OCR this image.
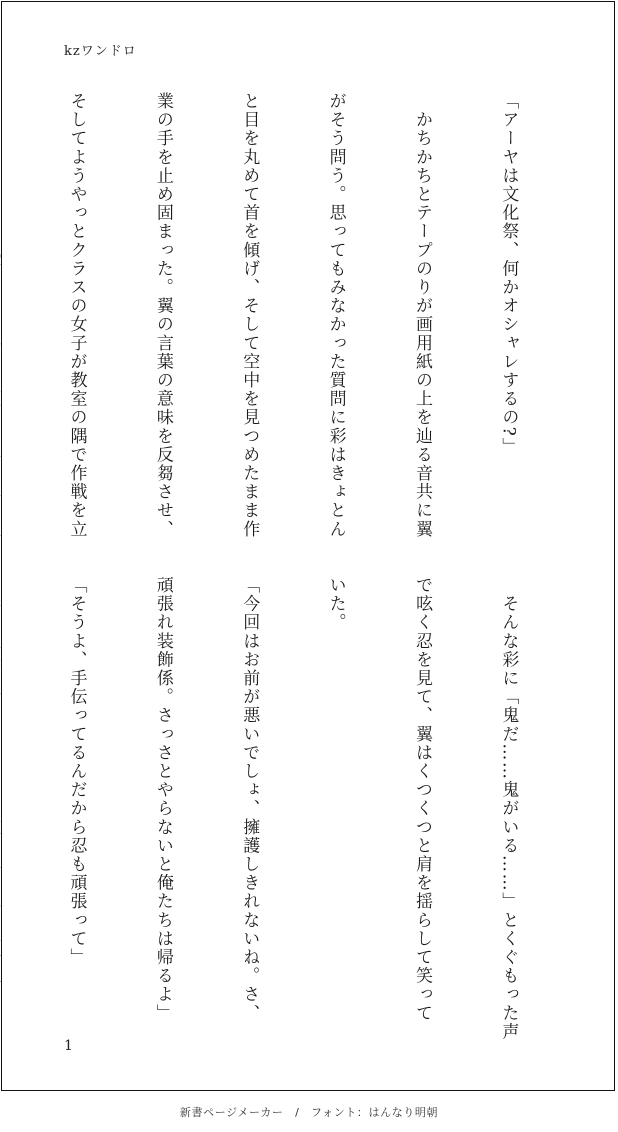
kzワンドロ

「アーヤは文化祭、何かオシャレするの?」

　かちかちとテープのりが画用紙の上を辿る音共に翼

がそう問う。思ってもみなかった質問に彩はきょとん

と目を丸めて首を傾げ、そして空中を見つめたまま作

業の手を止め固まった。翼の言葉の意味を反芻させ、

そしてようやっとクラスの女子が教室の隅で作戦を立

　そんな彩に「鬼だ……鬼がいる……」とくぐもった声

で呟く忍を見て、翼はくつくつと肩を揺らして笑って

いた。

「今回はお前が悪いでしょ、擁護しきれないね。さ、

頑張れ装飾係。さっさとやらないと俺たちは帰るよ」

「そうよ、手伝ってるんだから忍も頑張って」

1
新書ページメーカー　/　フォント：はんなり明朝
